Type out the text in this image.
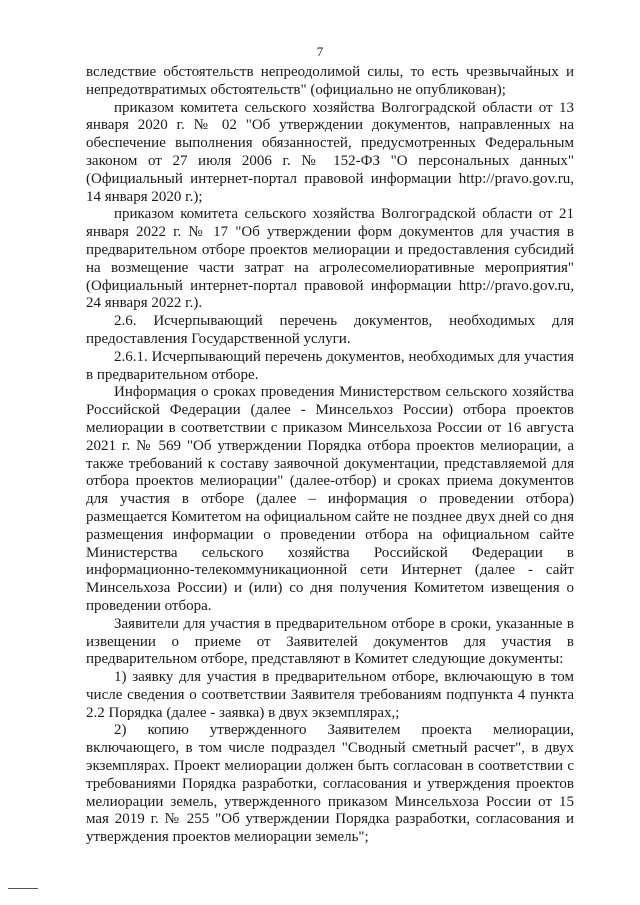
7

вследствие обстоятельств непреодолимой силы, то есть чрезвычайных и непредотвратимых обстоятельств" (официально не опубликован);

приказом комитета сельского хозяйства Волгоградской области от 13 января 2020 г. № 02 "Об утверждении документов, направленных на обеспечение выполнения обязанностей, предусмотренных Федеральным законом от 27 июля 2006 г. № 152-ФЗ "О персональных данных" (Официальный интернет-портал правовой информации http://pravo.gov.ru, 14 января 2020 г.);

приказом комитета сельского хозяйства Волгоградской области от 21 января 2022 г. № 17 "Об утверждении форм документов для участия в предварительном отборе проектов мелиорации и предоставления субсидий на возмещение части затрат на агролесомелиоративные мероприятия" (Официальный интернет-портал правовой информации http://pravo.gov.ru, 24 января 2022 г.).

2.6. Исчерпывающий перечень документов, необходимых для предоставления Государственной услуги.

2.6.1. Исчерпывающий перечень документов, необходимых для участия в предварительном отборе.

Информация о сроках проведения Министерством сельского хозяйства Российской Федерации (далее - Минсельхоз России) отбора проектов мелиорации в соответствии с приказом Минсельхоза России от 16 августа 2021 г. № 569 "Об утверждении Порядка отбора проектов мелиорации, а также требований к составу заявочной документации, представляемой для отбора проектов мелиорации" (далее-отбор) и сроках приема документов для участия в отборе (далее – информация о проведении отбора) размещается Комитетом на официальном сайте не позднее двух дней со дня размещения информации о проведении отбора на официальном сайте Министерства сельского хозяйства Российской Федерации в информационно-телекоммуникационной сети Интернет (далее - сайт Минсельхоза России) и (или) со дня получения Комитетом извещения о проведении отбора.

Заявители для участия в предварительном отборе в сроки, указанные в извещении о приеме от Заявителей документов для участия в предварительном отборе, представляют в Комитет следующие документы:

1) заявку для участия в предварительном отборе, включающую в том числе сведения о соответствии Заявителя требованиям подпункта 4 пункта 2.2 Порядка (далее - заявка) в двух экземплярах,;

2) копию утвержденного Заявителем проекта мелиорации, включающего, в том числе подраздел "Сводный сметный расчет", в двух экземплярах. Проект мелиорации должен быть согласован в соответствии с требованиями Порядка разработки, согласования и утверждения проектов мелиорации земель, утвержденного приказом Минсельхоза России от 15 мая 2019 г. № 255 "Об утверждении Порядка разработки, согласования и утверждения проектов мелиорации земель";
